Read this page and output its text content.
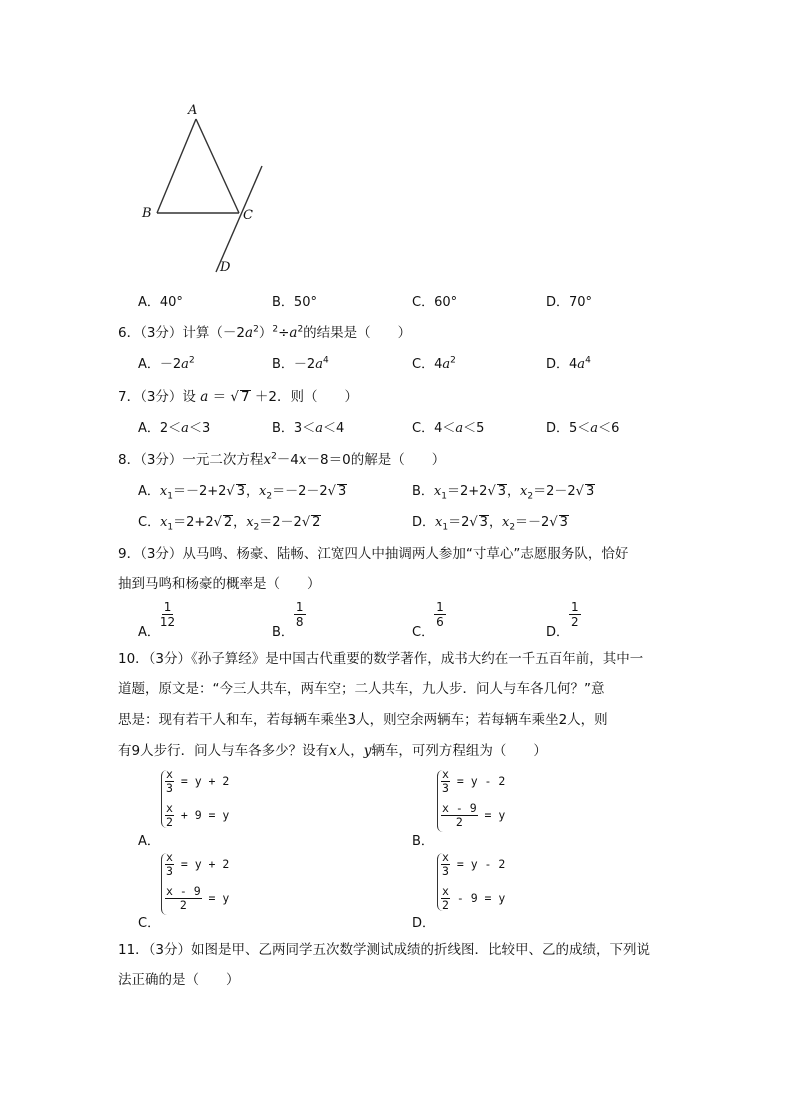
A
B	C
D
A．40°	B．50°	C．60°	D．70°
6．（3分）计算$(-2a^2)^2\div a^2$的结果是（　　）
A．$-2a^2$	B．$-2a^4$	C．$4a^2$	D．$4a^4$
7．（3分）设 a ＝ √ 7 ＋2．则（　　）
A．2＜a＜3	B．3＜a＜4	C．4＜a＜5	D．5＜a＜6
8．（3分）一元二次方程$x^2-4x-8=0$的解是（　　）
A．$x_1=-2+2√$ 3，$x_2=-2-2√$ 3	B．$x_1=2+2√$ 3，$x_2=2-2√$ 3
C．$x_1=2+2√$ 2，$x_2=2-2√$ 2	D．$x_1=2√$ 3，$x_2=-2√$ 3
9．（3分）从马鸣、杨豪、陆畅、江宽四人中抽调两人参加“寸草心”志愿服务队，恰好
抽到马鸣和杨豪的概率是（　　）
A．
$\frac{1}{12}$
B．
$\frac{1}{8}$
C．
$\frac{1}{6}$
D．
$\frac{1}{2}$
10．（3分）《孙子算经》是中国古代重要的数学著作，成书大约在一千五百年前，其中一
道题，原文是：“今三人共车，两车空；二人共车，九人步．问人与车各几何？”意
思是：现有若干人和车，若每辆车乘坐3人，则空余两辆车；若每辆车乘坐2人，则
有9人步行．问人与车各多少？设有x人，y辆车，可列方程组为（　　）
$\frac{x}{3} = y + 2$
$\frac{x}{2} + 9 = y$
A．
$\frac{x}{3} = y - 2$
$\frac{x - 9}{2} = y$
B．
$\frac{x}{3} = y + 2$
$\frac{x - 9}{2} = y$
C．
$\frac{x}{3} = y - 2$
$\frac{x}{2} - 9 = y$
D．
11．（3分）如图是甲、乙两同学五次数学测试成绩的折线图．比较甲、乙的成绩，下列说
法正确的是（　　）
